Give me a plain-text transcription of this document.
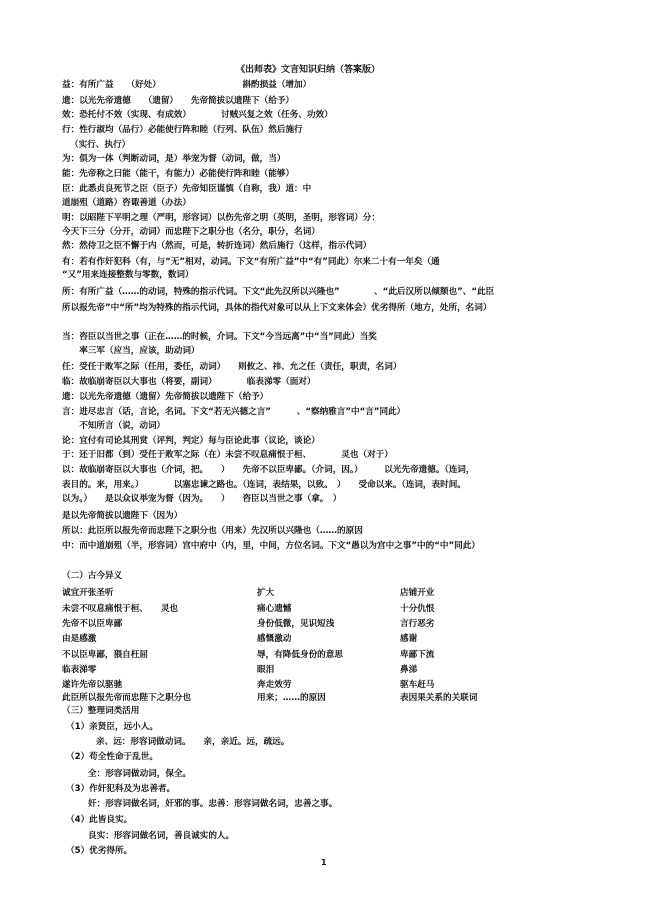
《出师表》文言知识归纳（答案版）
益：有所广益　　（好处）　　　　　　　　　　斟酌损益（增加）
遗：以光先帝遗德　　（遗留）　　先帝简拔以遗陛下（给予）
效：恐托付不效（实现、有成效）　　　　讨贼兴复之效（任务、功效）
行：性行淑均（品行）必能使行阵和睦（行列、队伍）然后施行
（实行、执行）
为：俱为一体（判断动词，是）举宠为督（动词，做，当）
能：先帝称之曰能（能干，有能力）必能使行阵和睦（能够）
臣：此悉贞良死节之臣（臣子）先帝知臣谨慎（自称，我）道：中
道崩殂（道路）咨诹善道（办法）
明：以昭陛下平明之理（严明，形容词）以伤先帝之明（英明，圣明，形容词）分：
今天下三分（分开，动词）而忠陛下之职分也（名分，职分，名词）
然：然侍卫之臣不懈于内（然而，可是，转折连词）然后施行（这样，指示代词）
有：若有作奸犯科（有，与“无”相对，动词。下文“有所广益”中“有”同此）尔来二十有一年矣（通
“又”用来连接整数与零数，数词）
所：有所广益（……的动词，特殊的指示代词。下文“此先汉所以兴隆也”　　　　、“此后汉所以倾颓也”、“此臣
所以报先帝”中“所”均为特殊的指示代词，具体的指代对象可以从上下文来体会）优劣得所（地方，处所，名词）
当：咨臣以当世之事（正在……的时候，介词。下文“今当远离”中“当”同此）当奖
　　率三军（应当，应该，助动词）
任：受任于败军之际（任用，委任，动词）　　则攸之、祎、允之任（责任，职责，名词）
临：故临崩寄臣以大事也（将要，副词）　　　　临表涕零（面对）
遗：以光先帝遗德（遗留）先帝简拔以遗陛下（给予）
言：进尽忠言（话，言论，名词。下文“若无兴德之言”　　　、“察纳雅言”中“言”同此）
　　不知所言（说，动词）
论：宜付有司论其刑赏（评判，判定）每与臣论此事（议论，谈论）
于：还于旧都（到）受任于败军之际（在）未尝不叹息痛恨于桓、　　　　灵也（对于）
以：故临崩寄臣以大事也（介词，把。　　）　　先帝不以臣卑鄙。（介词，因。）　　　以光先帝遗德。（连词，
表目的。来，用来。）　　　　以塞忠谏之路也。（连词，表结果，以致。　）　　受命以来。（连词，表时间。
以为。）　　是以众议举宠为督（因为。　　）　　咨臣以当世之事（拿。　）
是以先帝简拔以遗陛下（因为）
所以：此臣所以报先帝而忠陛下之职分也（用来）先汉所以兴隆也（……的原因
中：而中道崩殂（半，形容词）宫中府中（内，里，中间，方位名词。下文“愚以为宫中之事”中的“中”同此）
（二）古今异义
诚宜开张圣听	扩大	店铺开业
未尝不叹息痛恨于桓、　　灵也	痛心遗憾	十分仇恨
先帝不以臣卑鄙	身份低微，见识短浅	言行恶劣
由是感激	感慨激动	感谢
不以臣卑鄙，猥自枉屈	辱，有降低身份的意思	卑鄙下流
临表涕零	眼泪	鼻涕
遂许先帝以驱驰	奔走效劳	驱车赶马
此臣所以报先帝而忠陛下之职分也	用来；……的原因	表因果关系的关联词
（三）整理词类活用
（1）亲贤臣，远小人。
亲、远：形容词做动词。　　亲，亲近。远，疏远。
（2）苟全性命于乱世。
全：形容词做动词，保全。
（3）作奸犯科及为忠善者。
奸：形容词做名词，奸邪的事。忠善：形容词做名词，忠善之事。
（4）此皆良实。
良实：形容词做名词，善良诚实的人。
（5）优劣得所。
1
